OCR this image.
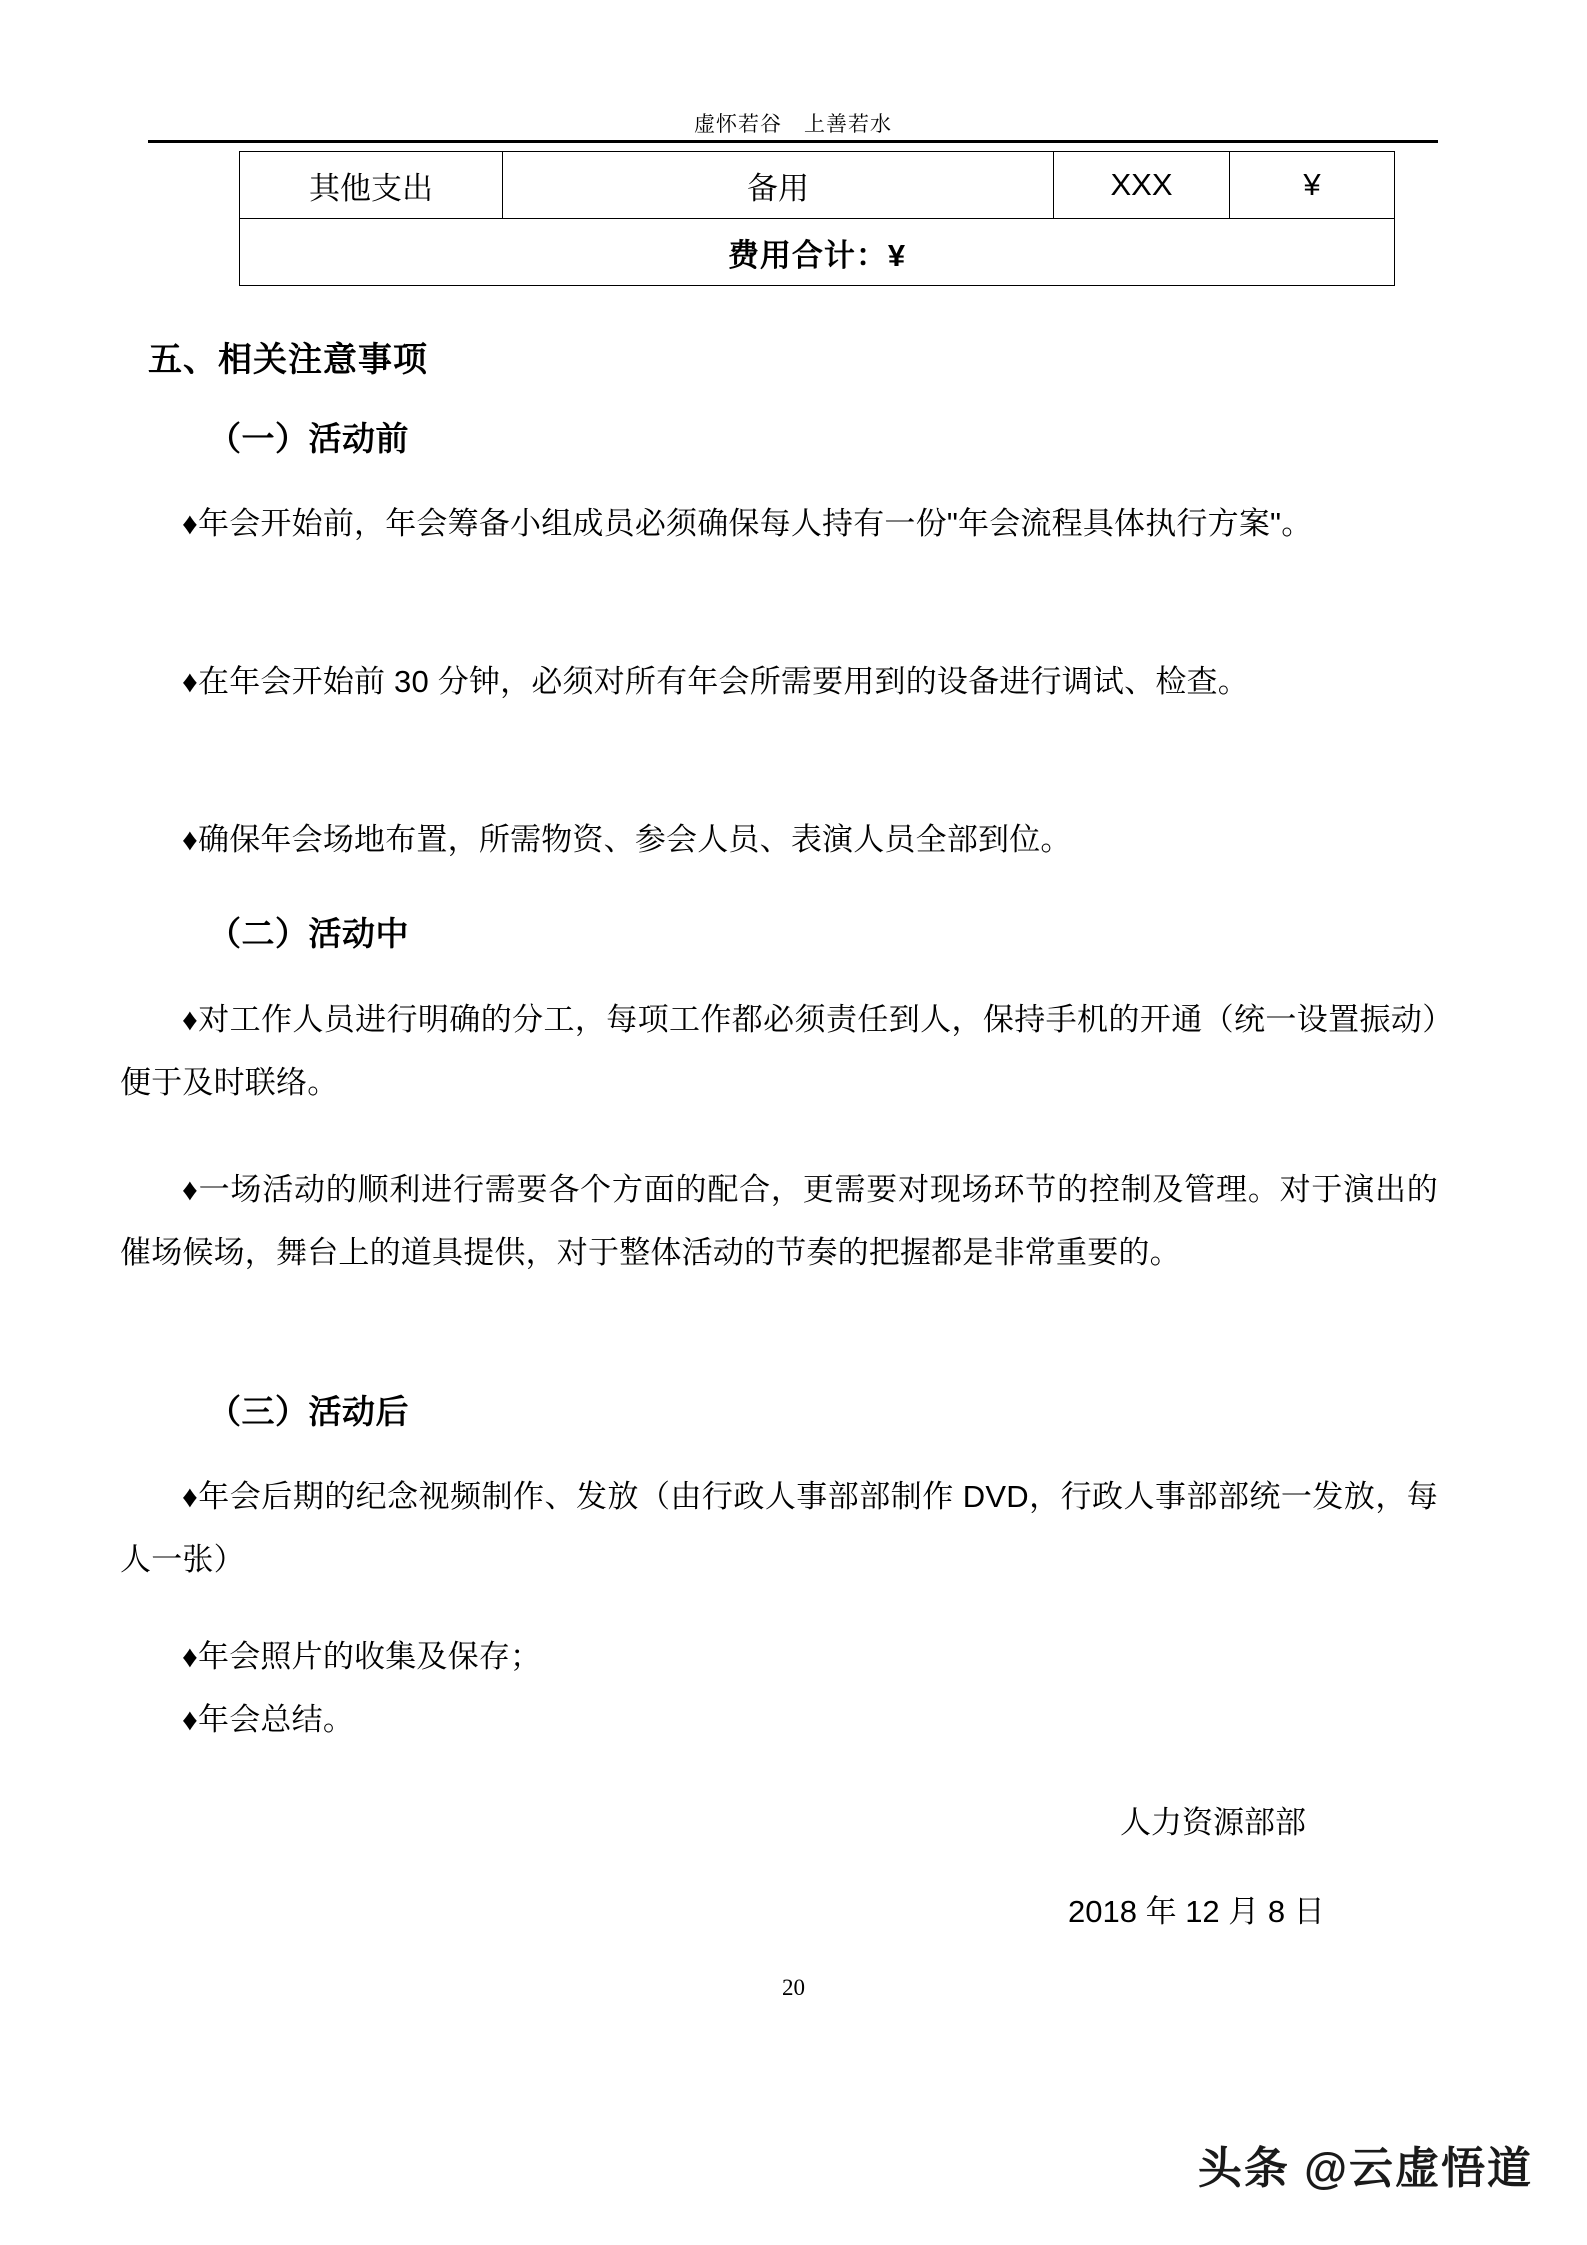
虚怀若谷　上善若水
其他支出	备用	XXX	¥
费用合计：¥
五、相关注意事项
（一）活动前
♦年会开始前，年会筹备小组成员必须确保每人持有一份"年会流程具体执行方案"。
♦在年会开始前 30 分钟，必须对所有年会所需要用到的设备进行调试、检查。
♦确保年会场地布置，所需物资、参会人员、表演人员全部到位。
（二）活动中
♦对工作人员进行明确的分工，每项工作都必须责任到人，保持手机的开通（统一设置振动）便于及时联络。
♦一场活动的顺利进行需要各个方面的配合，更需要对现场环节的控制及管理。对于演出的催场候场，舞台上的道具提供，对于整体活动的节奏的把握都是非常重要的。
（三）活动后
♦年会后期的纪念视频制作、发放（由行政人事部部制作 DVD，行政人事部部统一发放，每人一张）
♦年会照片的收集及保存；
♦年会总结。
人力资源部部
2018 年 12 月 8 日
20
头条 @云虚悟道
